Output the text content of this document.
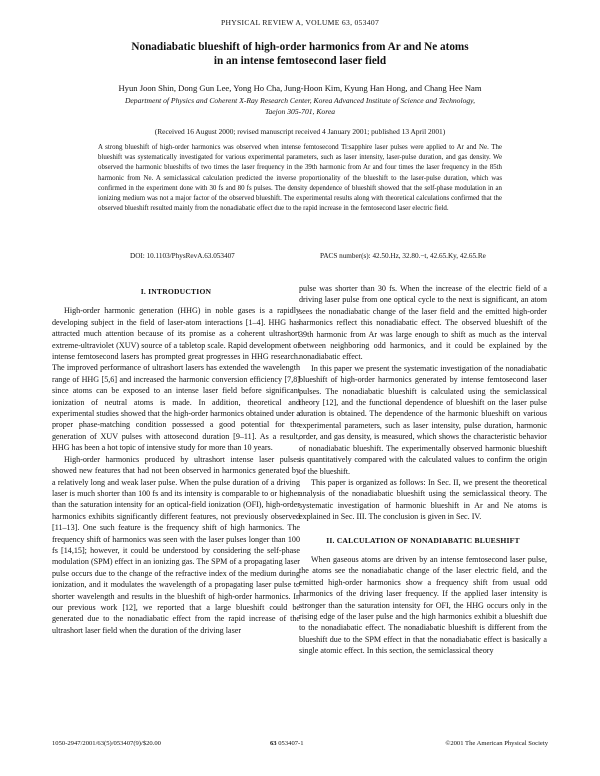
PHYSICAL REVIEW A, VOLUME 63, 053407
Nonadiabatic blueshift of high-order harmonics from Ar and Ne atoms
in an intense femtosecond laser field
Hyun Joon Shin, Dong Gun Lee, Yong Ho Cha, Jung-Hoon Kim, Kyung Han Hong, and Chang Hee Nam
Department of Physics and Coherent X-Ray Research Center, Korea Advanced Institute of Science and Technology,
Taejon 305-701, Korea
(Received 16 August 2000; revised manuscript received 4 January 2001; published 13 April 2001)

A strong blueshift of high-order harmonics was observed when intense femtosecond Ti:sapphire laser pulses were applied to Ar and Ne. The blueshift was systematically investigated for various experimental parameters, such as laser intensity, laser-pulse duration, and gas density. We observed the harmonic blueshifts of two times the laser frequency in the 39th harmonic from Ar and four times the laser frequency in the 85th harmonic from Ne. A semiclassical calculation predicted the inverse proportionality of the blueshift to the laser-pulse duration, which was confirmed in the experiment done with 30 fs and 80 fs pulses. The density dependence of blueshift showed that the self-phase modulation in an ionizing medium was not a major factor of the observed blueshift. The experimental results along with theoretical calculations confirmed that the observed blueshift resulted mainly from the nonadiabatic effect due to the rapid increase in the femtosecond laser electric field.

DOI: 10.1103/PhysRevA.63.053407	PACS number(s): 42.50.Hz, 32.80.−t, 42.65.Ky, 42.65.Re
I. INTRODUCTION

High-order harmonic generation (HHG) in noble gases is a rapidly developing subject in the field of laser-atom interactions [1–4]. HHG has attracted much attention because of its promise as a coherent ultrashort extreme-ultraviolet (XUV) source of a tabletop scale. Rapid development of intense femtosecond lasers has prompted great progresses in HHG research. The improved performance of ultrashort lasers has extended the wavelength range of HHG [5,6] and increased the harmonic conversion efficiency [7,8] since atoms can be exposed to an intense laser field before significant ionization of neutral atoms is made. In addition, theoretical and experimental studies showed that the high-order harmonics obtained under a proper phase-matching condition possessed a good potential for the generation of XUV pulses with attosecond duration [9–11]. As a result, HHG has been a hot topic of intensive study for more than 10 years.

High-order harmonics produced by ultrashort intense laser pulses showed new features that had not been observed in harmonics generated by a relatively long and weak laser pulse. When the pulse duration of a driving laser is much shorter than 100 fs and its intensity is comparable to or higher than the saturation intensity for an optical-field ionization (OFI), high-order harmonics exhibits significantly different features, not previously observed [11–13]. One such feature is the frequency shift of high harmonics. The frequency shift of harmonics was seen with the laser pulses longer than 100 fs [14,15]; however, it could be understood by considering the self-phase modulation (SPM) effect in an ionizing gas. The SPM of a propagating laser pulse occurs due to the change of the refractive index of the medium during ionization, and it modulates the wavelength of a propagating laser pulse to shorter wavelength and results in the blueshift of high-order harmonics. In our previous work [12], we reported that a large blueshift could be generated due to the nonadiabatic effect from the rapid increase of the ultrashort laser field when the duration of the driving laser

pulse was shorter than 30 fs. When the increase of the electric field of a driving laser pulse from one optical cycle to the next is significant, an atom sees the nonadiabatic change of the laser field and the emitted high-order harmonics reflect this nonadiabatic effect. The observed blueshift of the 39th harmonic from Ar was large enough to shift as much as the interval between neighboring odd harmonics, and it could be explained by the nonadiabatic effect.

In this paper we present the systematic investigation of the nonadiabatic blueshift of high-order harmonics generated by intense femtosecond laser pulses. The nonadiabatic blueshift is calculated using the semiclassical theory [12], and the functional dependence of blueshift on the laser pulse duration is obtained. The dependence of the harmonic blueshift on various experimental parameters, such as laser intensity, pulse duration, harmonic order, and gas density, is measured, which shows the characteristic behavior of nonadiabatic blueshift. The experimentally observed harmonic blueshift is quantitatively compared with the calculated values to confirm the origin of the blueshift.

This paper is organized as follows: In Sec. II, we present the theoretical analysis of the nonadiabatic blueshift using the semiclassical theory. The systematic investigation of harmonic blueshift in Ar and Ne atoms is explained in Sec. III. The conclusion is given in Sec. IV.

II. CALCULATION OF NONADIABATIC BLUESHIFT

When gaseous atoms are driven by an intense femtosecond laser pulse, the atoms see the nonadiabatic change of the laser electric field, and the emitted high-order harmonics show a frequency shift from usual odd harmonics of the driving laser frequency. If the applied laser intensity is stronger than the saturation intensity for OFI, the HHG occurs only in the rising edge of the laser pulse and the high harmonics exhibit a blueshift due to the nonadiabatic effect. The nonadiabatic blueshift is different from the blueshift due to the SPM effect in that the nonadiabatic effect is basically a single atomic effect. In this section, the semiclassical theory

1050-2947/2001/63(5)/053407(9)/$20.00	63 053407-1	©2001 The American Physical Society
